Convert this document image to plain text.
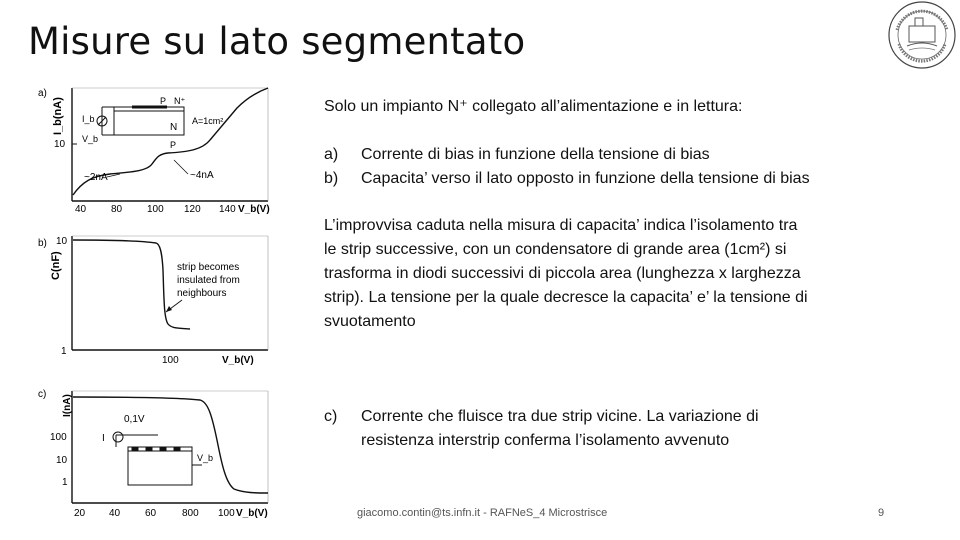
Misure su lato segmentato
a)
I_b(nA)
10
40 80 100 120 140 V_b(V)
P N⁺
N
P
A=1cm²
I_b
V_b
~2nA	~4nA
b)
C(nF)
10
1
100	V_b(V)
strip becomes
insulated from
neighbours
c) I(nA)
100
10
1
20 40 60	800 100 V_b(V)
0,1V
I
V_b
Solo un impianto N⁺ collegato all’alimentazione e in lettura:
a)	Corrente di bias in funzione della tensione di bias
b)	Capacita’ verso il lato opposto in funzione della tensione di bias
L’improvvisa caduta nella misura di capacita’ indica l’isolamento tra
le strip successive, con un condensatore di grande area (1cm²) si
trasforma in diodi successivi di piccola area (lunghezza x larghezza
strip). La tensione per la quale decresce la capacita’ e’ la tensione di
svuotamento
c)	Corrente che fluisce tra due strip vicine. La variazione di
resistenza interstrip conferma l’isolamento avvenuto
giacomo.contin@ts.infn.it - RAFNeS_4 Microstrisce	9
